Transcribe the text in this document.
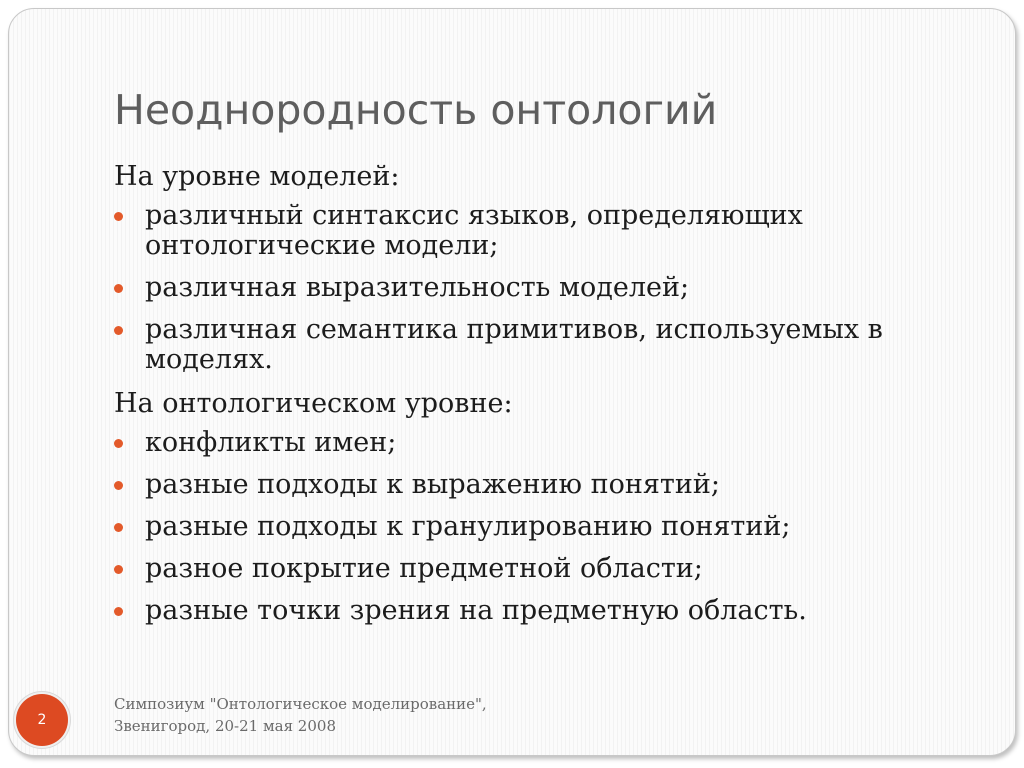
Неоднородность онтологий

На уровне моделей:

различный синтаксис языков, определяющих онтологические модели;
различная выразительность моделей;
различная семантика примитивов, используемых в моделях.

На онтологическом уровне:

конфликты имен;
разные подходы к выражению понятий;
разные подходы к гранулированию понятий;
разное покрытие предметной области;
разные точки зрения на предметную область.
Симпозиум "Онтологическое моделирование",
Звенигород, 20-21 мая 2008
2
